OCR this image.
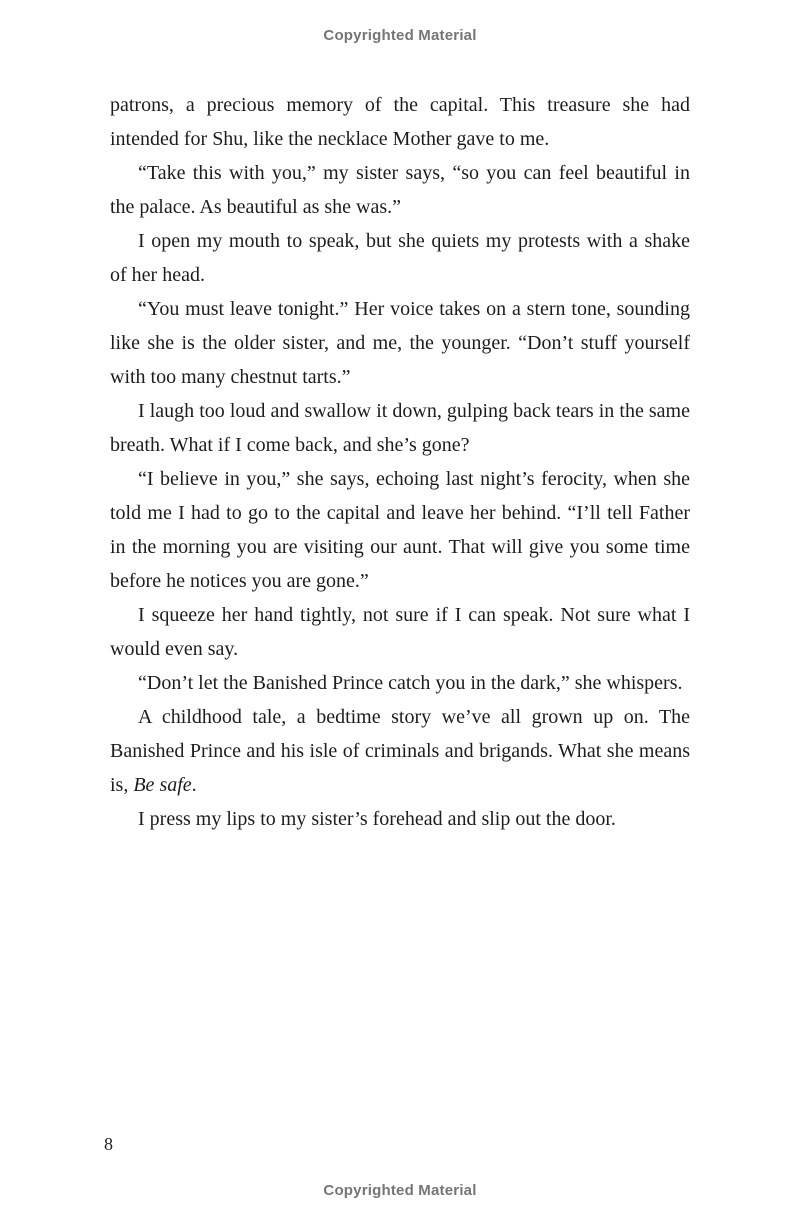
Copyrighted Material

patrons, a precious memory of the capital. This treasure she had intended for Shu, like the necklace Mother gave to me.

“Take this with you,” my sister says, “so you can feel beautiful in the palace. As beautiful as she was.”

I open my mouth to speak, but she quiets my protests with a shake of her head.

“You must leave tonight.” Her voice takes on a stern tone, sounding like she is the older sister, and me, the younger. “Don’t stuff yourself with too many chestnut tarts.”

I laugh too loud and swallow it down, gulping back tears in the same breath. What if I come back, and she’s gone?

“I believe in you,” she says, echoing last night’s ferocity, when she told me I had to go to the capital and leave her behind. “I’ll tell Father in the morning you are visiting our aunt. That will give you some time before he notices you are gone.”

I squeeze her hand tightly, not sure if I can speak. Not sure what I would even say.

“Don’t let the Banished Prince catch you in the dark,” she whispers.

A childhood tale, a bedtime story we’ve all grown up on. The Banished Prince and his isle of criminals and brigands. What she means is, Be safe.

I press my lips to my sister’s forehead and slip out the door.

8
Copyrighted Material
